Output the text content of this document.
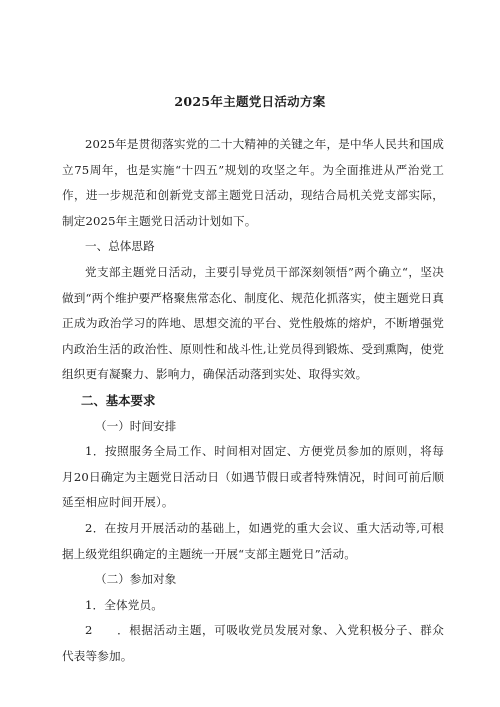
2025年主题党日活动方案

2025年是贯彻落实党的二十大精神的关键之年，是中华人民共和国成立75周年，也是实施“十四五”规划的攻坚之年。为全面推进从严治党工作，进一步规范和创新党支部主题党日活动，现结合局机关党支部实际，制定2025年主题党日活动计划如下。

一、总体思路

党支部主题党日活动，主要引导党员干部深刻领悟”两个确立“，坚决做到“两个维护要严格聚焦常态化、制度化、规范化抓落实，使主题党日真正成为政治学习的阵地、思想交流的平台、党性般炼的熔炉，不断增强党内政治生活的政治性、原则性和战斗性,让党员得到锻炼、受到熏陶，使党组织更有凝聚力、影响力，确保活动落到实处、取得实效。

二、基本要求

（一）时间安排

1．按照服务全局工作、时间相对固定、方便党员参加的原则，将每月20日确定为主题党日活动日（如遇节假日或者特殊情况，时间可前后顺延至相应时间开展）。

2．在按月开展活动的基础上，如遇党的重大会议、重大活动等,可根据上级党组织确定的主题统一开展“支部主题党日”活动。

（二）参加对象

1．全体党员。

2　　．根据活动主题，可吸收党员发展对象、入党积极分子、群众代表等参加。
